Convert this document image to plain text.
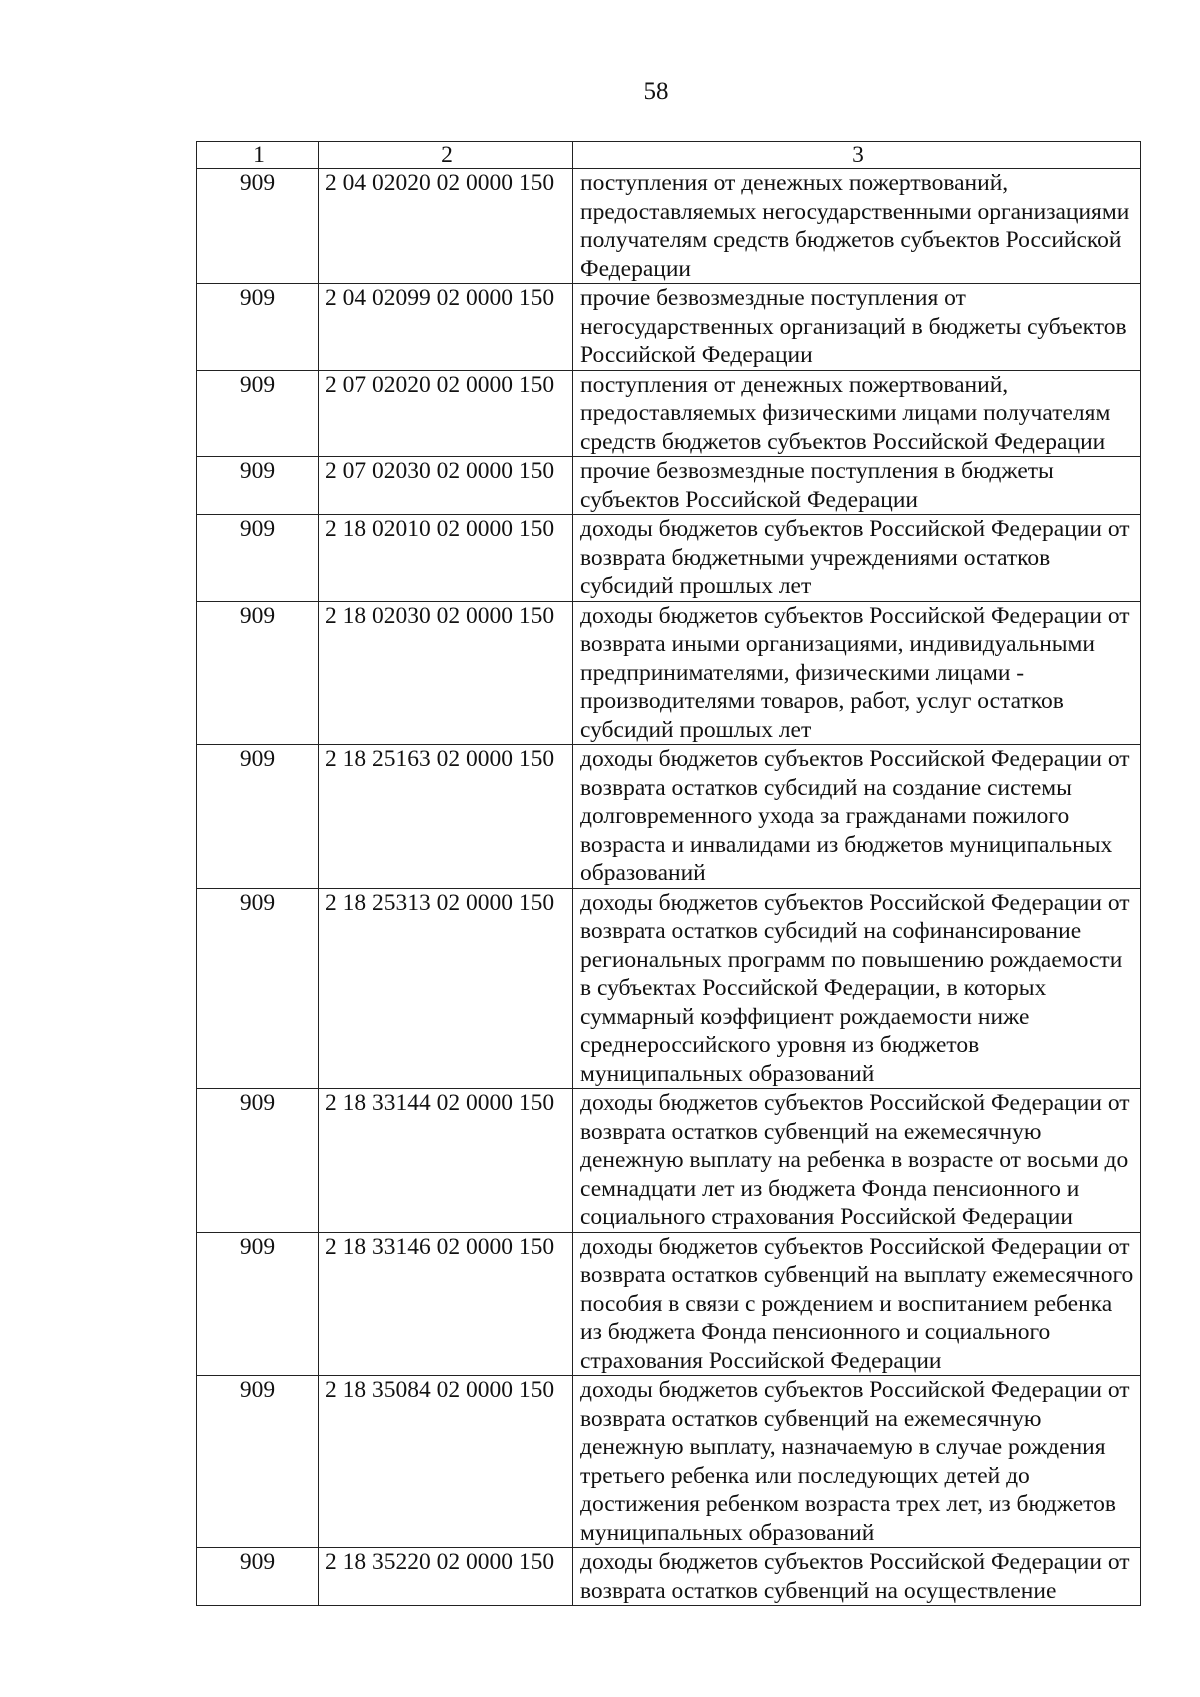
58
1	2	3
909	2 04 02020 02 0000 150	поступления от денежных пожертвований, предоставляемых негосударственными организациями получателям средств бюджетов субъектов Российской Федерации
909	2 04 02099 02 0000 150	прочие безвозмездные поступления от негосударственных организаций в бюджеты субъектов Российской Федерации
909	2 07 02020 02 0000 150	поступления от денежных пожертвований, предоставляемых физическими лицами получателям средств бюджетов субъектов Российской Федерации
909	2 07 02030 02 0000 150	прочие безвозмездные поступления в бюджеты субъектов Российской Федерации
909	2 18 02010 02 0000 150	доходы бюджетов субъектов Российской Федерации от возврата бюджетными учреждениями остатков субсидий прошлых лет
909	2 18 02030 02 0000 150	доходы бюджетов субъектов Российской Федерации от возврата иными организациями, индивидуальными предпринимателями, физическими лицами - производителями товаров, работ, услуг остатков субсидий прошлых лет
909	2 18 25163 02 0000 150	доходы бюджетов субъектов Российской Федерации от возврата остатков субсидий на создание системы долговременного ухода за гражданами пожилого возраста и инвалидами из бюджетов муниципальных образований
909	2 18 25313 02 0000 150	доходы бюджетов субъектов Российской Федерации от возврата остатков субсидий на софинансирование региональных программ по повышению рождаемости в субъектах Российской Федерации, в которых суммарный коэффициент рождаемости ниже среднероссийского уровня из бюджетов муниципальных образований
909	2 18 33144 02 0000 150	доходы бюджетов субъектов Российской Федерации от возврата остатков субвенций на ежемесячную денежную выплату на ребенка в возрасте от восьми до семнадцати лет из бюджета Фонда пенсионного и социального страхования Российской Федерации
909	2 18 33146 02 0000 150	доходы бюджетов субъектов Российской Федерации от возврата остатков субвенций на выплату ежемесячного пособия в связи с рождением и воспитанием ребенка из бюджета Фонда пенсионного и социального страхования Российской Федерации
909	2 18 35084 02 0000 150	доходы бюджетов субъектов Российской Федерации от возврата остатков субвенций на ежемесячную денежную выплату, назначаемую в случае рождения третьего ребенка или последующих детей до достижения ребенком возраста трех лет, из бюджетов муниципальных образований
909	2 18 35220 02 0000 150	доходы бюджетов субъектов Российской Федерации от возврата остатков субвенций на осуществление
